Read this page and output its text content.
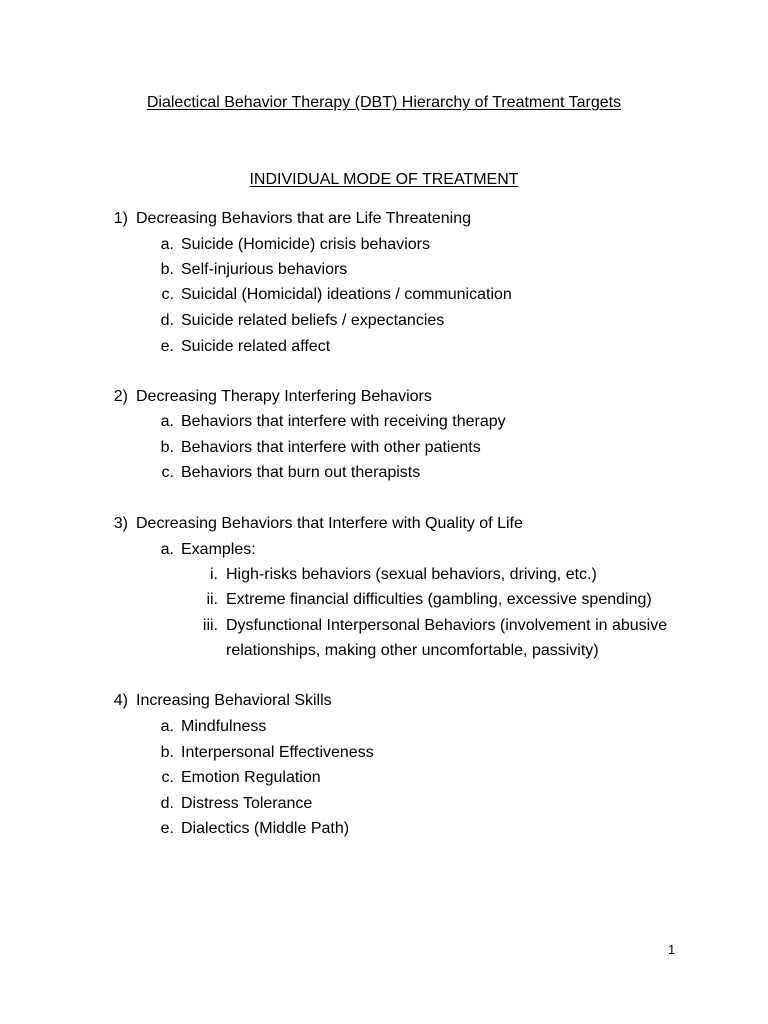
Dialectical Behavior Therapy (DBT) Hierarchy of Treatment Targets
INDIVIDUAL MODE OF TREATMENT
1) Decreasing Behaviors that are Life Threatening
a. Suicide (Homicide) crisis behaviors
b. Self-injurious behaviors
c. Suicidal (Homicidal) ideations / communication
d. Suicide related beliefs / expectancies
e. Suicide related affect
2) Decreasing Therapy Interfering Behaviors
a. Behaviors that interfere with receiving therapy
b. Behaviors that interfere with other patients
c. Behaviors that burn out therapists
3) Decreasing Behaviors that Interfere with Quality of Life
a. Examples:
i. High-risks behaviors (sexual behaviors, driving, etc.)
ii. Extreme financial difficulties (gambling, excessive spending)
iii. Dysfunctional Interpersonal Behaviors (involvement in abusive
relationships, making other uncomfortable, passivity)
4) Increasing Behavioral Skills
a. Mindfulness
b. Interpersonal Effectiveness
c. Emotion Regulation
d. Distress Tolerance
e. Dialectics (Middle Path)
1
